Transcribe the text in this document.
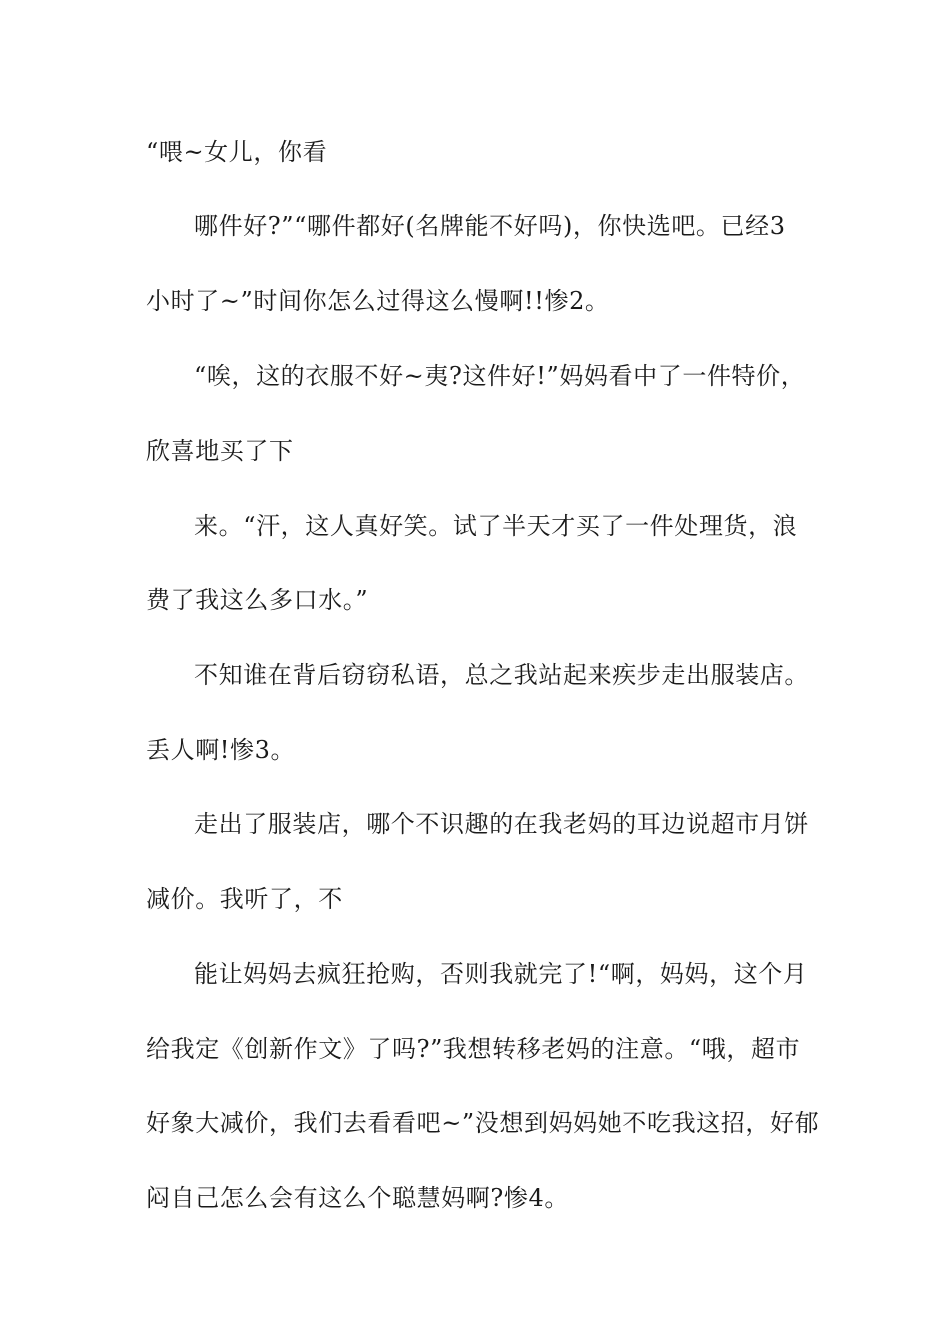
“喂~女儿，你看
哪件好?”“哪件都好(名牌能不好吗)，你快选吧。已经3
小时了~”时间你怎么过得这么慢啊!!惨2。
“唉，这的衣服不好~夷?这件好!”妈妈看中了一件特价，
欣喜地买了下
来。“汗，这人真好笑。试了半天才买了一件处理货，浪
费了我这么多口水。”
不知谁在背后窃窃私语，总之我站起来疾步走出服装店。
丢人啊!惨3。
走出了服装店，哪个不识趣的在我老妈的耳边说超市月饼
减价。我听了，不
能让妈妈去疯狂抢购，否则我就完了!“啊，妈妈，这个月
给我定《创新作文》了吗?”我想转移老妈的注意。“哦，超市
好象大减价，我们去看看吧~”没想到妈妈她不吃我这招，好郁
闷自己怎么会有这么个聪慧妈啊?惨4。
